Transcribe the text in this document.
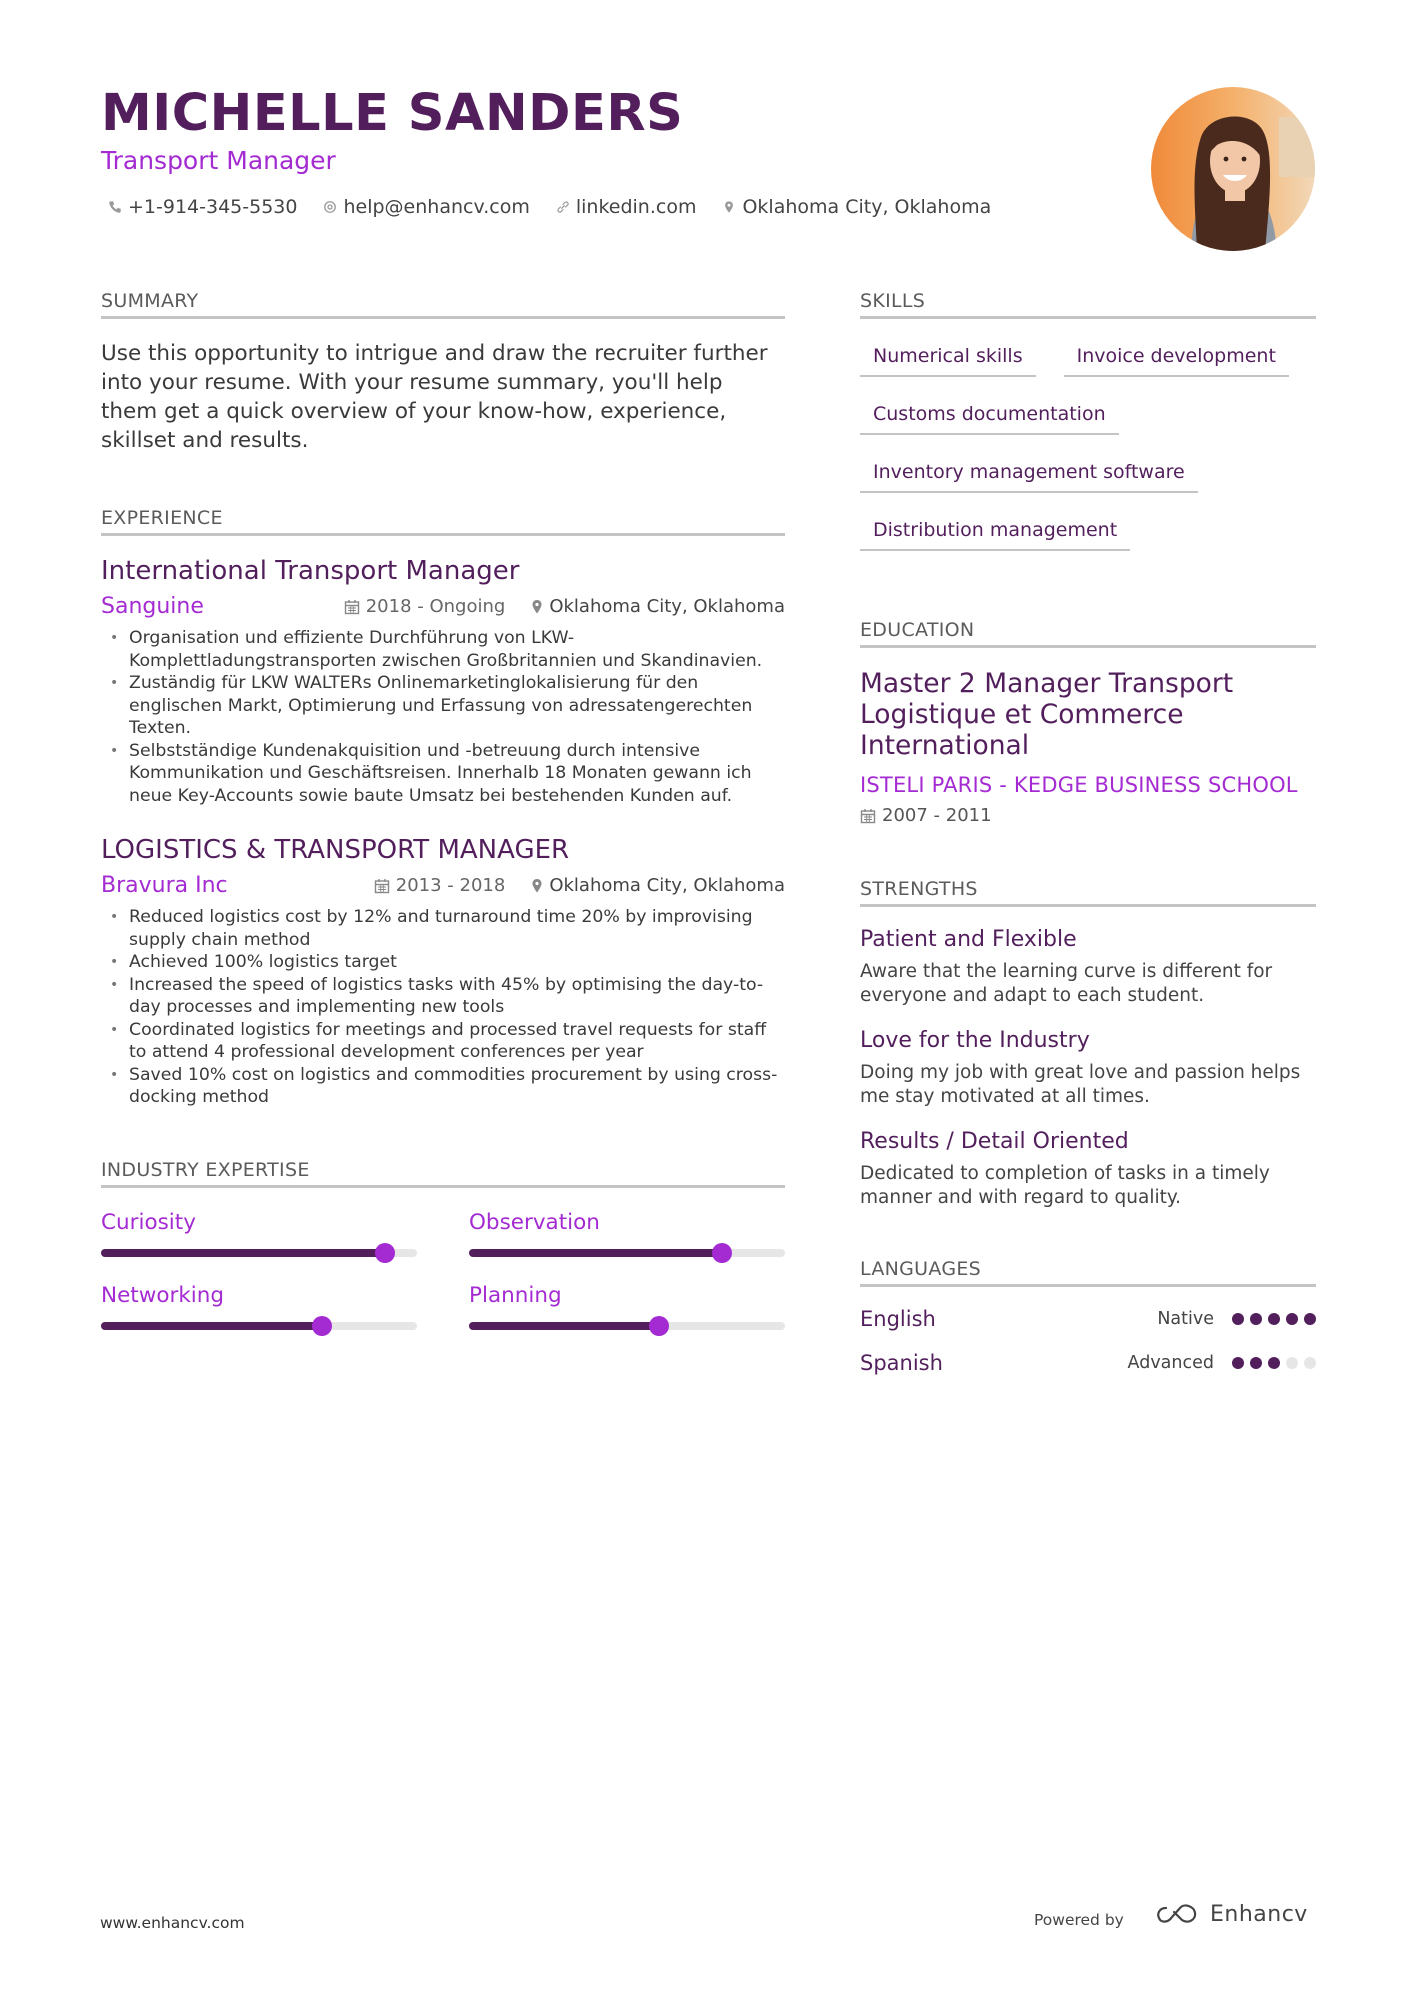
MICHELLE SANDERS
Transport Manager
+1-914-345-5530 help@enhancv.com linkedin.com Oklahoma City, Oklahoma
SUMMARY

Use this opportunity to intrigue and draw the recruiter further into your resume. With your resume summary, you'll help them get a quick overview of your know-how, experience, skillset and results.

EXPERIENCE
International Transport Manager
Sanguine	2018 - Ongoing Oklahoma City, Oklahoma
• Organisation und effiziente Durchführung von LKW-Komplettladungstransporten zwischen Großbritannien und Skandinavien.
• Zuständig für LKW WALTERs Onlinemarketinglokalisierung für den englischen Markt, Optimierung und Erfassung von adressatengerechten Texten.
• Selbstständige Kundenakquisition und -betreuung durch intensive Kommunikation und Geschäftsreisen. Innerhalb 18 Monaten gewann ich neue Key-Accounts sowie baute Umsatz bei bestehenden Kunden auf.
LOGISTICS & TRANSPORT MANAGER
Bravura Inc	2013 - 2018 Oklahoma City, Oklahoma
• Reduced logistics cost by 12% and turnaround time 20% by improvising supply chain method
• Achieved 100% logistics target
• Increased the speed of logistics tasks with 45% by optimising the day-to-day processes and implementing new tools
• Coordinated logistics for meetings and processed travel requests for staff to attend 4 professional development conferences per year
• Saved 10% cost on logistics and commodities procurement by using cross-docking method
INDUSTRY EXPERTISE
Curiosity	Observation
Networking	Planning
SKILLS
Numerical skills	Invoice development
Customs documentation
Inventory management software
Distribution management
EDUCATION
Master 2 Manager Transport Logistique et Commerce International
ISTELI PARIS - KEDGE BUSINESS SCHOOL
2007 - 2011
STRENGTHS
Patient and Flexible
Aware that the learning curve is different for everyone and adapt to each student.
Love for the Industry
Doing my job with great love and passion helps me stay motivated at all times.
Results / Detail Oriented
Dedicated to completion of tasks in a timely manner and with regard to quality.
LANGUAGES
English	Native
Spanish	Advanced
www.enhancv.com	Powered by	Enhancv
